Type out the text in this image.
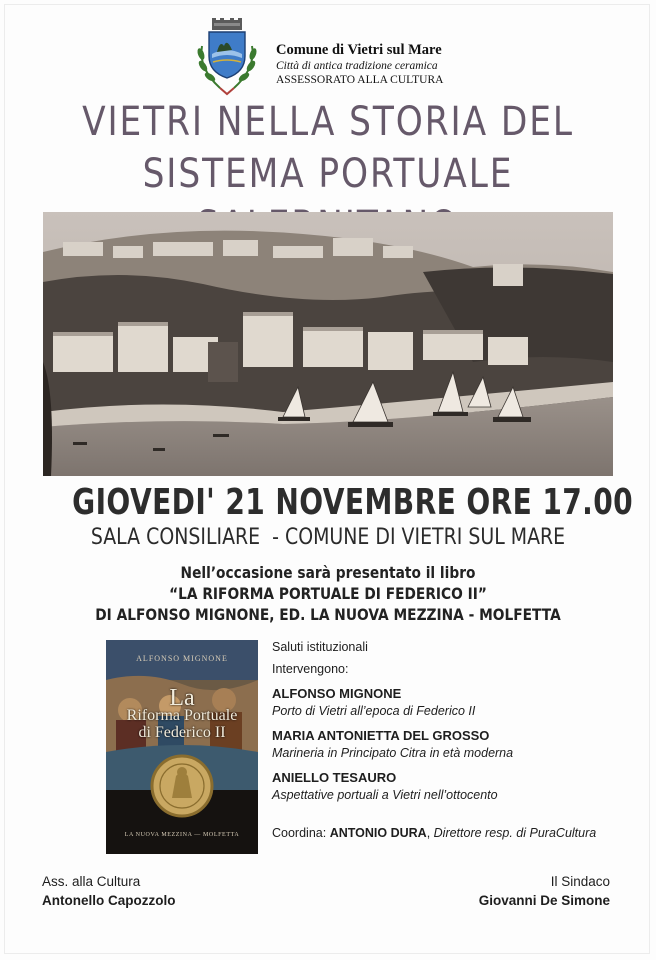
Comune di Vietri sul Mare
Città di antica tradizione ceramica
ASSESSORATO ALLA CULTURA
VIETRI NELLA STORIA DEL
SISTEMA PORTUALE
GIOVEDI' 21 NOVEMBRE ORE 17.00
SALA CONSILIARE  - COMUNE DI VIETRI SUL MARE
Nell’occasione sarà presentato il libro
“LA RIFORMA PORTUALE DI FEDERICO II”
DI ALFONSO MIGNONE, ED. LA NUOVA MEZZINA - MOLFETTA
ALFONSO MIGNONE
La
Riforma Portuale
di Federico II
LA NUOVA MEZZINA — MOLFETTA
Saluti istituzionali
Intervengono:
ALFONSO MIGNONE
Porto di Vietri all’epoca di Federico II
MARIA ANTONIETTA DEL GROSSO
Marineria in Principato Citra in età moderna
ANIELLO TESAURO
Aspettative portuali a Vietri nell’ottocento
Coordina: ANTONIO DURA, Direttore resp. di PuraCultura
Ass. alla Cultura
Antonello Capozzolo
Il Sindaco
Giovanni De Simone
